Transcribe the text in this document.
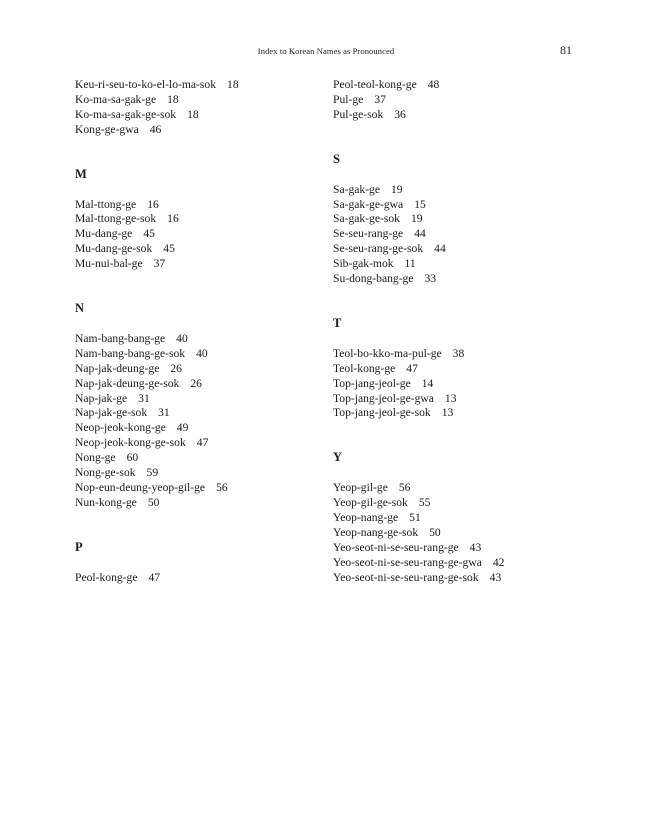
Index to Korean Names as Pronounced	81
Keu-ri-seu-to-ko-el-lo-ma-sok 18
Ko-ma-sa-gak-ge 18
Ko-ma-sa-gak-ge-sok 18
Kong-ge-gwa 46
M
Mal-ttong-ge 16
Mal-ttong-ge-sok 16
Mu-dang-ge 45
Mu-dang-ge-sok 45
Mu-nui-bal-ge 37
N
Nam-bang-bang-ge 40
Nam-bang-bang-ge-sok 40
Nap-jak-deung-ge 26
Nap-jak-deung-ge-sok 26
Nap-jak-ge 31
Nap-jak-ge-sok 31
Neop-jeok-kong-ge 49
Neop-jeok-kong-ge-sok 47
Nong-ge 60
Nong-ge-sok 59
Nop-eun-deung-yeop-gil-ge 56
Nun-kong-ge 50
P
Peol-kong-ge 47
Peol-teol-kong-ge 48
Pul-ge 37
Pul-ge-sok 36
S
Sa-gak-ge 19
Sa-gak-ge-gwa 15
Sa-gak-ge-sok 19
Se-seu-rang-ge 44
Se-seu-rang-ge-sok 44
Sib-gak-mok 11
Su-dong-bang-ge 33
T
Teol-bo-kko-ma-pul-ge 38
Teol-kong-ge 47
Top-jang-jeol-ge 14
Top-jang-jeol-ge-gwa 13
Top-jang-jeol-ge-sok 13
Y
Yeop-gil-ge 56
Yeop-gil-ge-sok 55
Yeop-nang-ge 51
Yeop-nang-ge-sok 50
Yeo-seot-ni-se-seu-rang-ge 43
Yeo-seot-ni-se-seu-rang-ge-gwa 42
Yeo-seot-ni-se-seu-rang-ge-sok 43
